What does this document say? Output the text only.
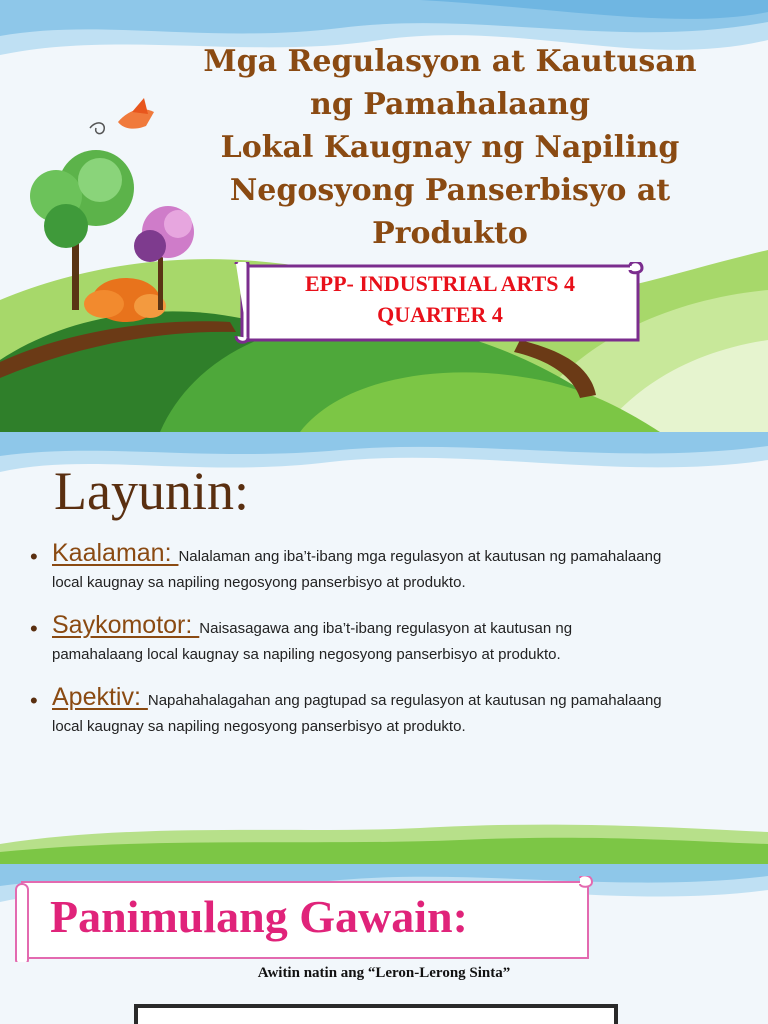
Mga Regulasyon at Kautusan
ng Pamahalaang
Lokal Kaugnay ng Napiling
Negosyong Panserbisyo at
Produkto
EPP- INDUSTRIAL ARTS 4
QUARTER 4
Layunin:
• Kaalaman: Nalalaman ang iba’t-ibang mga regulasyon at kautusan ng pamahalaang
local kaugnay sa napiling negosyong panserbisyo at produkto.
• Saykomotor: Naisasagawa ang iba’t-ibang regulasyon at kautusan ng
pamahalaang local kaugnay sa napiling negosyong panserbisyo at produkto.
• Apektiv: Napahahalagahan ang pagtupad sa regulasyon at kautusan ng pamahalaang
local kaugnay sa napiling negosyong panserbisyo at produkto.
Panimulang Gawain:
Awitin natin ang “Leron-Lerong Sinta”
